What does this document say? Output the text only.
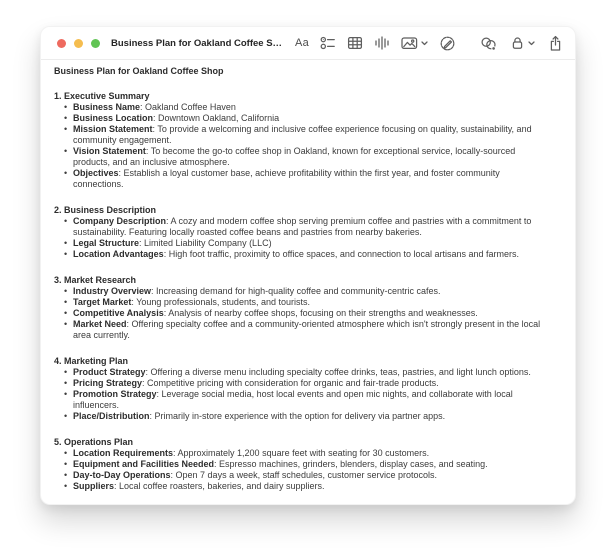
Business Plan for Oakland Coffee S… Aa
Business Plan for Oakland Coffee Shop
1. Executive Summary
• Business Name: Oakland Coffee Haven
• Business Location: Downtown Oakland, California
• Mission Statement: To provide a welcoming and inclusive coffee experience focusing on quality, sustainability, and community engagement.
• Vision Statement: To become the go-to coffee shop in Oakland, known for exceptional service, locally-sourced products, and an inclusive atmosphere.
• Objectives: Establish a loyal customer base, achieve profitability within the first year, and foster community connections.
2. Business Description
• Company Description: A cozy and modern coffee shop serving premium coffee and pastries with a commitment to sustainability. Featuring locally roasted coffee beans and pastries from nearby bakeries.
• Legal Structure: Limited Liability Company (LLC)
• Location Advantages: High foot traffic, proximity to office spaces, and connection to local artisans and farmers.
3. Market Research
• Industry Overview: Increasing demand for high-quality coffee and community-centric cafes.
• Target Market: Young professionals, students, and tourists.
• Competitive Analysis: Analysis of nearby coffee shops, focusing on their strengths and weaknesses.
• Market Need: Offering specialty coffee and a community-oriented atmosphere which isn't strongly present in the local area currently.
4. Marketing Plan
• Product Strategy: Offering a diverse menu including specialty coffee drinks, teas, pastries, and light lunch options.
• Pricing Strategy: Competitive pricing with consideration for organic and fair-trade products.
• Promotion Strategy: Leverage social media, host local events and open mic nights, and collaborate with local influencers.
• Place/Distribution: Primarily in-store experience with the option for delivery via partner apps.
5. Operations Plan
• Location Requirements: Approximately 1,200 square feet with seating for 30 customers.
• Equipment and Facilities Needed: Espresso machines, grinders, blenders, display cases, and seating.
• Day-to-Day Operations: Open 7 days a week, staff schedules, customer service protocols.
• Suppliers: Local coffee roasters, bakeries, and dairy suppliers.
